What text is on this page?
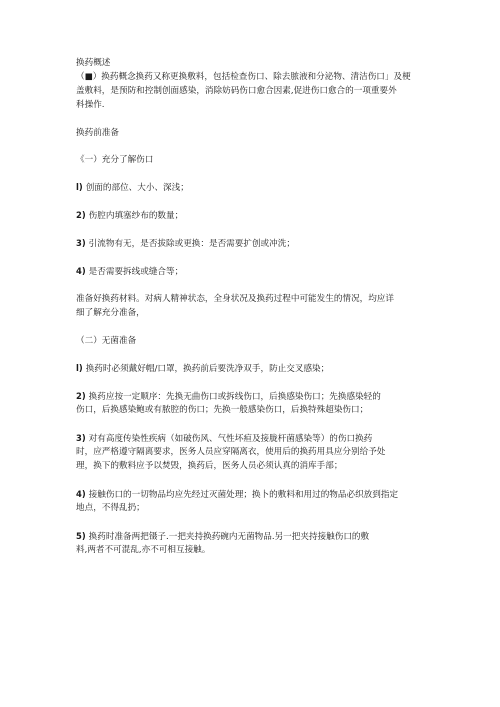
换药概述
（■）换药概念换药又称更换敷料，包括检查伤口、除去脓液和分泌物、清洁伤口」及梗
盖敷料，是预防和控制创面感染，消除妨码伤口愈合因素,促进伤口愈合的一项重要外
科操作.
换药前准备
《一）充分了解伤口
l) 创面的部位、大小、深浅；
2) 伤腔内填塞纱布的数量；
3) 引流物有无，是否拔除或更换：是否需要扩创或冲洗；
4) 是否需要拆线或缝合等；
准备好换药材料。对病人精神状态，全身状况及换药过程中可能发生的情况，均应详
细了解充分准备，
（二）无菌准备
l) 换药时必须戴好帽/口罩，换药前后要洗净双手，防止交叉感染；
2) 换药应按一定顺序：先换无曲伤口或拆线伤口，后换感染伤口；先换感染轻的
伤口，后换感染鲍或有脓腔的伤口；先换一般感染伤口，后换特殊超染伤口；
3) 对有高度传染性疾病（如破伤风、气性坏疸及接胧杆菌感染等）的伤口换药
时，应严格遵守隔离要求，医务人员应穿隔离衣，使用后的换药用具应分别给予处
理，换下的敷料应予以焚毁，换药后，医务人员必须认真的消库手部；
4) 接触伤口的一切物品均应先经过灭菌处理；换卜的敷料和用过的物品必织放到指定
地点，不得乱扔；
5) 换药时准备两把镊子.一把夹持换药碗内无菌物品.另一把夹持接触伤口的敷
料,两者不可混乱,亦不可相互接触。
